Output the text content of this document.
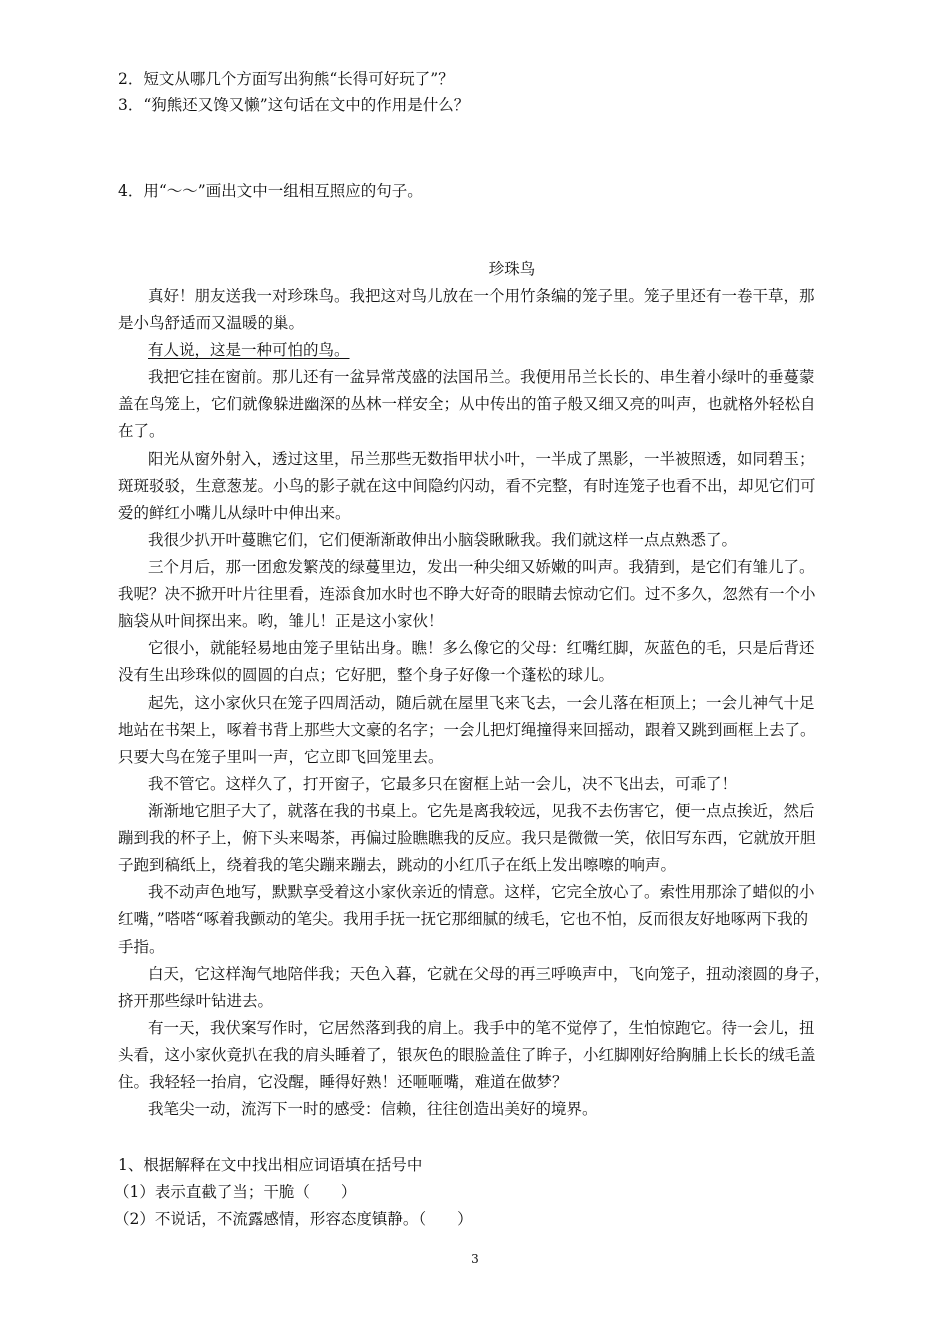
2．短文从哪几个方面写出狗熊“长得可好玩了”？
3．“狗熊还又馋又懒”这句话在文中的作用是什么？
4．用“～～”画出文中一组相互照应的句子。
珍珠鸟
真好！朋友送我一对珍珠鸟。我把这对鸟儿放在一个用竹条编的笼子里。笼子里还有一卷干草，那
是小鸟舒适而又温暖的巢。
有人说，这是一种可怕的鸟。
我把它挂在窗前。那儿还有一盆异常茂盛的法国吊兰。我便用吊兰长长的、串生着小绿叶的垂蔓蒙
盖在鸟笼上，它们就像躲进幽深的丛林一样安全；从中传出的笛子般又细又亮的叫声，也就格外轻松自
在了。
阳光从窗外射入，透过这里，吊兰那些无数指甲状小叶，一半成了黑影，一半被照透，如同碧玉；
斑斑驳驳，生意葱茏。小鸟的影子就在这中间隐约闪动，看不完整，有时连笼子也看不出，却见它们可
爱的鲜红小嘴儿从绿叶中伸出来。
我很少扒开叶蔓瞧它们，它们便渐渐敢伸出小脑袋瞅瞅我。我们就这样一点点熟悉了。
三个月后，那一团愈发繁茂的绿蔓里边，发出一种尖细又娇嫩的叫声。我猜到，是它们有雏儿了。
我呢？决不掀开叶片往里看，连添食加水时也不睁大好奇的眼睛去惊动它们。过不多久，忽然有一个小
脑袋从叶间探出来。哟，雏儿！正是这小家伙！
它很小，就能轻易地由笼子里钻出身。瞧！多么像它的父母：红嘴红脚，灰蓝色的毛，只是后背还
没有生出珍珠似的圆圆的白点；它好肥，整个身子好像一个蓬松的球儿。
起先，这小家伙只在笼子四周活动，随后就在屋里飞来飞去，一会儿落在柜顶上；一会儿神气十足
地站在书架上，啄着书背上那些大文豪的名字；一会儿把灯绳撞得来回摇动，跟着又跳到画框上去了。
只要大鸟在笼子里叫一声，它立即飞回笼里去。
我不管它。这样久了，打开窗子，它最多只在窗框上站一会儿，决不飞出去，可乖了！
渐渐地它胆子大了，就落在我的书桌上。它先是离我较远，见我不去伤害它，便一点点挨近，然后
蹦到我的杯子上，俯下头来喝茶，再偏过脸瞧瞧我的反应。我只是微微一笑，依旧写东西，它就放开胆
子跑到稿纸上，绕着我的笔尖蹦来蹦去，跳动的小红爪子在纸上发出嚓嚓的响声。
我不动声色地写，默默享受着这小家伙亲近的情意。这样，它完全放心了。索性用那涂了蜡似的小
红嘴，”嗒嗒“啄着我颤动的笔尖。我用手抚一抚它那细腻的绒毛，它也不怕，反而很友好地啄两下我的
手指。
白天，它这样淘气地陪伴我；天色入暮，它就在父母的再三呼唤声中，飞向笼子，扭动滚圆的身子，
挤开那些绿叶钻进去。
有一天，我伏案写作时，它居然落到我的肩上。我手中的笔不觉停了，生怕惊跑它。待一会儿，扭
头看，这小家伙竟扒在我的肩头睡着了，银灰色的眼脸盖住了眸子，小红脚刚好给胸脯上长长的绒毛盖
住。我轻轻一抬肩，它没醒，睡得好熟！还咂咂嘴，难道在做梦？
我笔尖一动，流泻下一时的感受：信赖，往往创造出美好的境界。
1、根据解释在文中找出相应词语填在括号中
（1）表示直截了当；干脆（　　）
（2）不说话，不流露感情，形容态度镇静。（　　）
3
